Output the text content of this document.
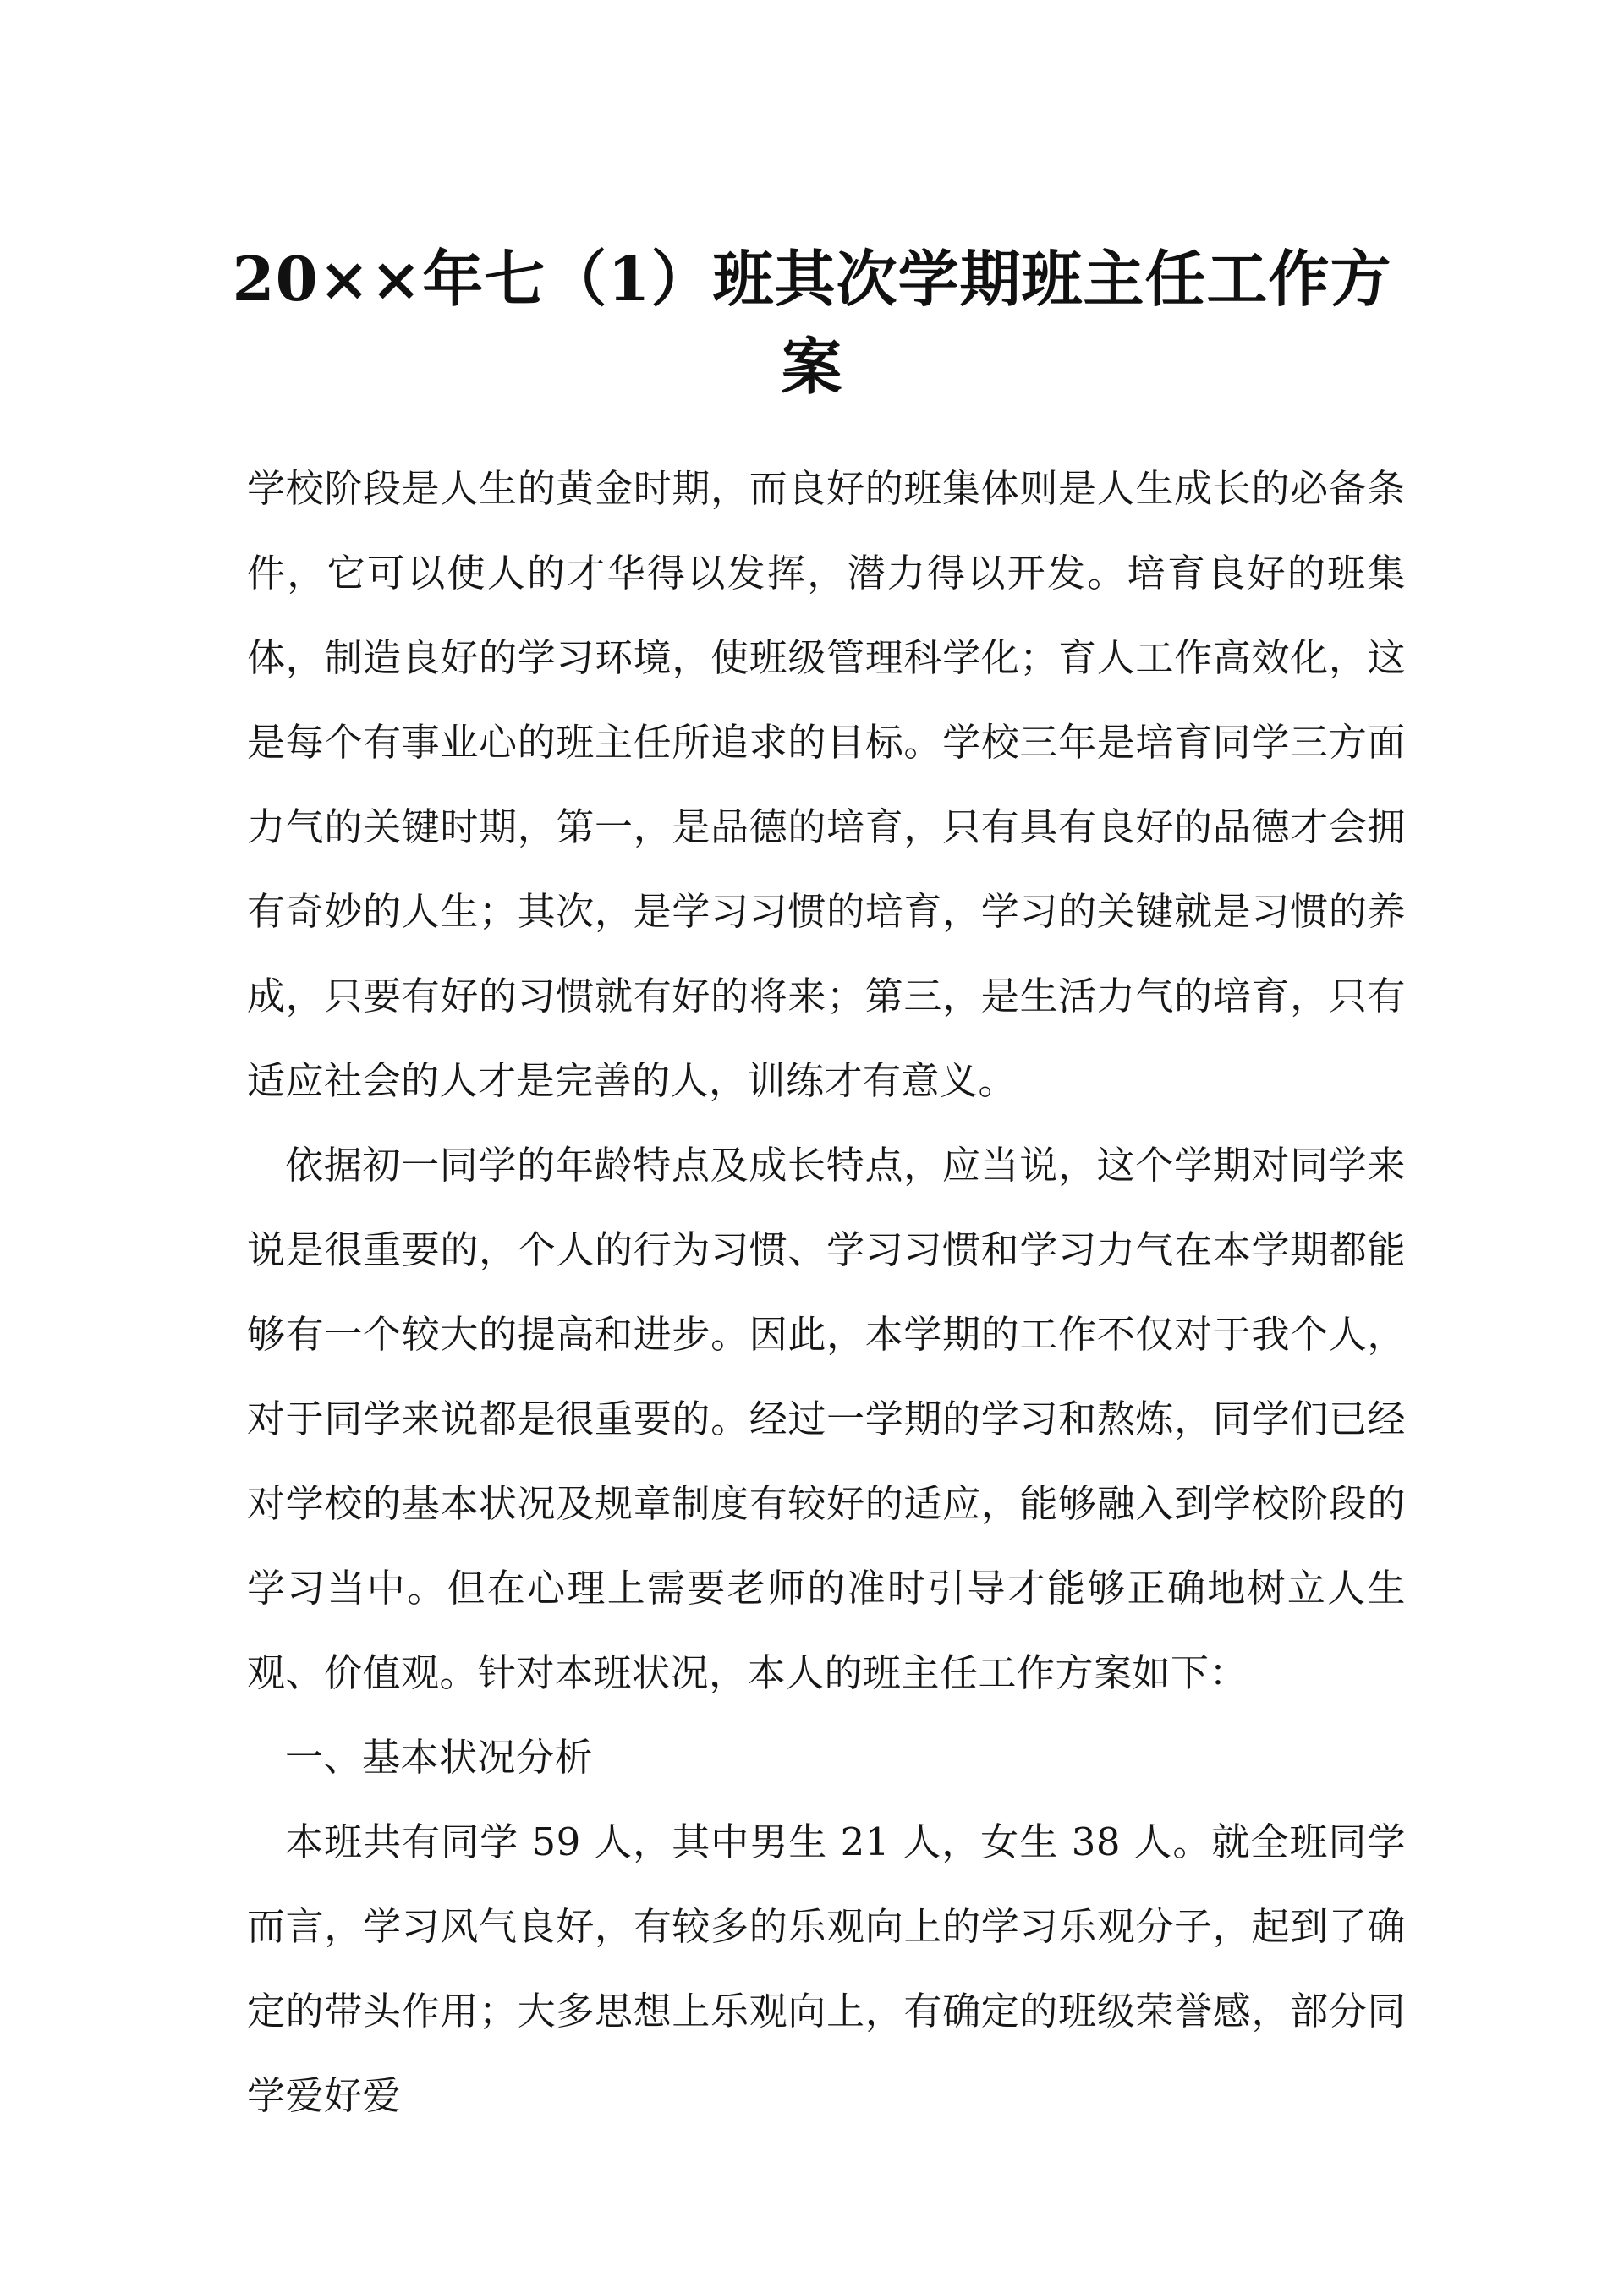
20××年七（1）班其次学期班主任工作方案

学校阶段是人生的黄金时期，而良好的班集体则是人生成长的必备条件，它可以使人的才华得以发挥，潜力得以开发。培育良好的班集体，制造良好的学习环境，使班级管理科学化；育人工作高效化，这是每个有事业心的班主任所追求的目标。学校三年是培育同学三方面力气的关键时期，第一，是品德的培育，只有具有良好的品德才会拥有奇妙的人生；其次，是学习习惯的培育，学习的关键就是习惯的养成，只要有好的习惯就有好的将来；第三，是生活力气的培育，只有适应社会的人才是完善的人，训练才有意义。

依据初一同学的年龄特点及成长特点，应当说，这个学期对同学来说是很重要的，个人的行为习惯、学习习惯和学习力气在本学期都能够有一个较大的提高和进步。因此，本学期的工作不仅对于我个人，对于同学来说都是很重要的。经过一学期的学习和熬炼，同学们已经对学校的基本状况及规章制度有较好的适应，能够融入到学校阶段的学习当中。但在心理上需要老师的准时引导才能够正确地树立人生观、价值观。针对本班状况，本人的班主任工作方案如下：

一、基本状况分析

本班共有同学 59 人，其中男生 21 人，女生 38 人。就全班同学而言，学习风气良好，有较多的乐观向上的学习乐观分子，起到了确定的带头作用；大多思想上乐观向上，有确定的班级荣誉感，部分同学爱好爱
